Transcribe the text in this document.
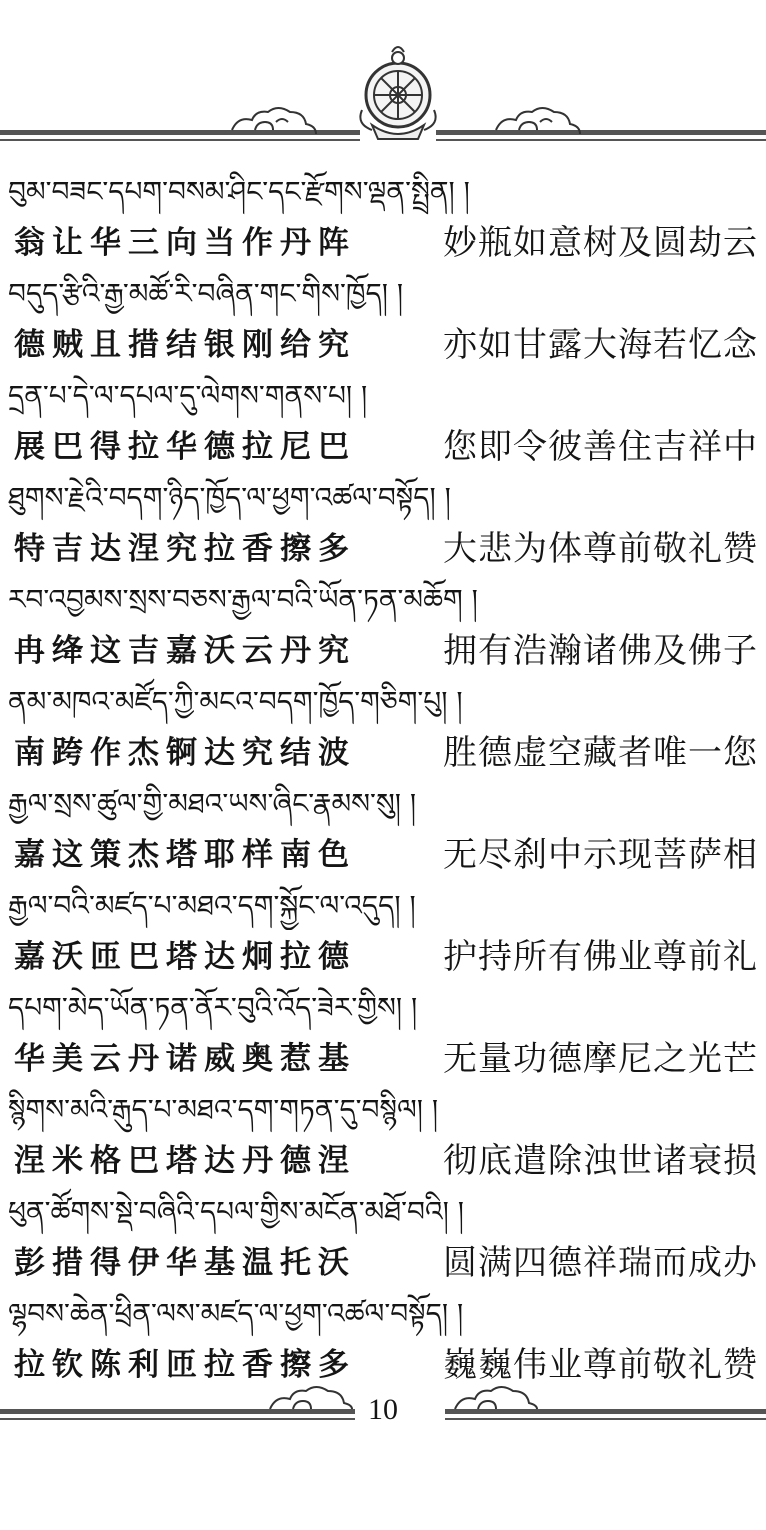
བུམ་བཟང་དཔག་བསམ་ཤིང་དང་རྫོགས་ལྡན་སྤྲིན། །
翁让华三向当作丹阵	妙瓶如意树及圆劫云
བདུད་རྩིའི་རྒྱ་མཚོ་རི་བཞིན་གང་གིས་ཁྱོད། །
德贼且措结银刚给究	亦如甘露大海若忆念
དྲན་པ་དེ་ལ་དཔལ་དུ་ལེགས་གནས་པ། །
展巴得拉华德拉尼巴	您即令彼善住吉祥中
ཐུགས་རྗེའི་བདག་ཉིད་ཁྱོད་ལ་ཕྱག་འཚལ་བསྟོད། །
特吉达涅究拉香擦多	大悲为体尊前敬礼赞
རབ་འབྱམས་སྲས་བཅས་རྒྱལ་བའི་ཡོན་ཏན་མཆོག །
冉绛这吉嘉沃云丹究	拥有浩瀚诸佛及佛子
ནམ་མཁའ་མཛོད་ཀྱི་མངའ་བདག་ཁྱོད་གཅིག་པུ། །
南跨作杰锕达究结波	胜德虚空藏者唯一您
རྒྱལ་སྲས་ཚུལ་གྱི་མཐའ་ཡས་ཞིང་རྣམས་སུ། །
嘉这策杰塔耶样南色	无尽刹中示现菩萨相
རྒྱལ་བའི་མཛད་པ་མཐའ་དག་སྐྱོང་ལ་འདུད། །
嘉沃匝巴塔达炯拉德	护持所有佛业尊前礼
དཔག་མེད་ཡོན་ཏན་ནོར་བུའི་འོད་ཟེར་གྱིས། །
华美云丹诺威奥惹基	无量功德摩尼之光芒
སྙིགས་མའི་རྒུད་པ་མཐའ་དག་གཏན་དུ་བསྙིལ། །
涅米格巴塔达丹德涅	彻底遣除浊世诸衰损
ཕུན་ཚོགས་སྡེ་བཞིའི་དཔལ་གྱིས་མངོན་མཐོ་བའི། །
彭措得伊华基温托沃	圆满四德祥瑞而成办
ལྷབས་ཆེན་ཕྲིན་ལས་མཛད་ལ་ཕྱག་འཚལ་བསྟོད། །
拉钦陈利匝拉香擦多	巍巍伟业尊前敬礼赞
10
